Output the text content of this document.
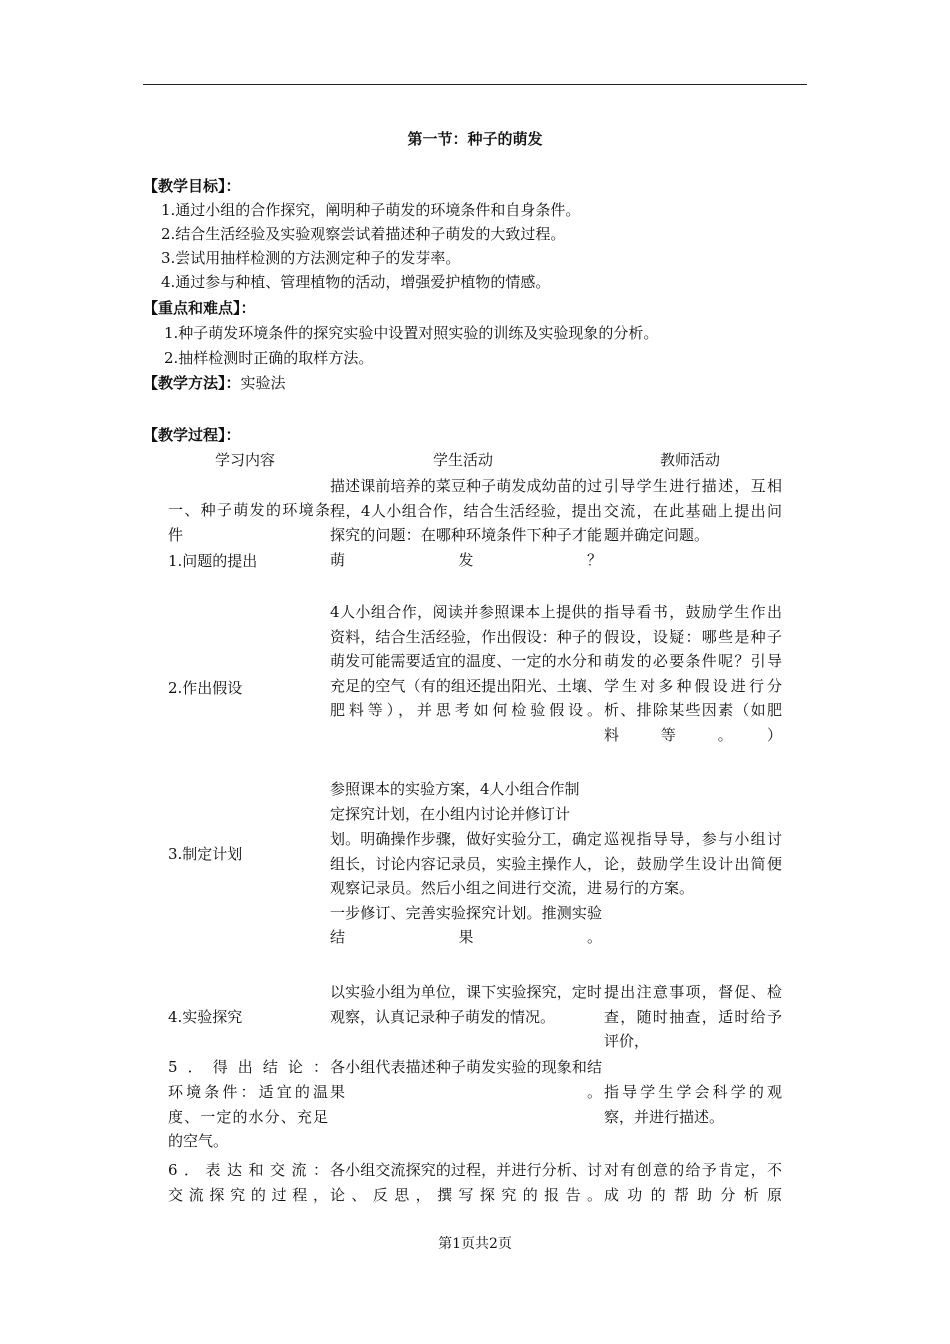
第一节：种子的萌发
【教学目标】：
1.通过小组的合作探究，阐明种子萌发的环境条件和自身条件。
2.结合生活经验及实验观察尝试着描述种子萌发的大致过程。
3.尝试用抽样检测的方法测定种子的发芽率。
4.通过参与种植、管理植物的活动，增强爱护植物的情感。
【重点和难点】：
1.种子萌发环境条件的探究实验中设置对照实验的训练及实验现象的分析。
2.抽样检测时正确的取样方法。
【教学方法】：实验法
【教学过程】：
学习内容	学生活动	教师活动
一、种子萌发的环境条件
1.问题的提出
描述课前培养的菜豆种子萌发成幼苗的过程，4人小组合作，结合生活经验，提出探究的问题：在哪种环境条件下种子才能萌发？
引导学生进行描述，互相交流，在此基础上提出问题并确定问题。
2.作出假设
4人小组合作，阅读并参照课本上提供的资料，结合生活经验，作出假设：种子的萌发可能需要适宜的温度、一定的水分和充足的空气（有的组还提出阳光、土壤、肥料等），并思考如何检验假设。
指导看书，鼓励学生作出假设，设疑：哪些是种子萌发的必要条件呢？引导学生对多种假设进行分析、排除某些因素（如肥料等。）
3.制定计划
参照课本的实验方案，4人小组合作制
定探究计划，在小组内讨论并修订计
划。明确操作步骤，做好实验分工，确定组长，讨论内容记录员，实验主操作人，观察记录员。然后小组之间进行交流，进一步修订、完善实验探究计划。推测实验结果。
巡视指导导，参与小组讨论，鼓励学生设计出简便易行的方案。
4.实验探究
以实验小组为单位，课下实验探究，定时观察，认真记录种子萌发的情况。
提出注意事项，督促、检查，随时抽查，适时给予评价，
5．得出结论：
环境条件：适宜的温度、一定的水分、充足的空气。
各小组代表描述种子萌发实验的现象和结果。 指导学生学会科学的观察，并进行描述。
6．表达和交流：
交流探究的过程，
各小组交流探究的过程，并进行分析、讨论、反思，撰写探究的报告。
对有创意的给予肯定，不成功的帮助分析原
第1页共2页
